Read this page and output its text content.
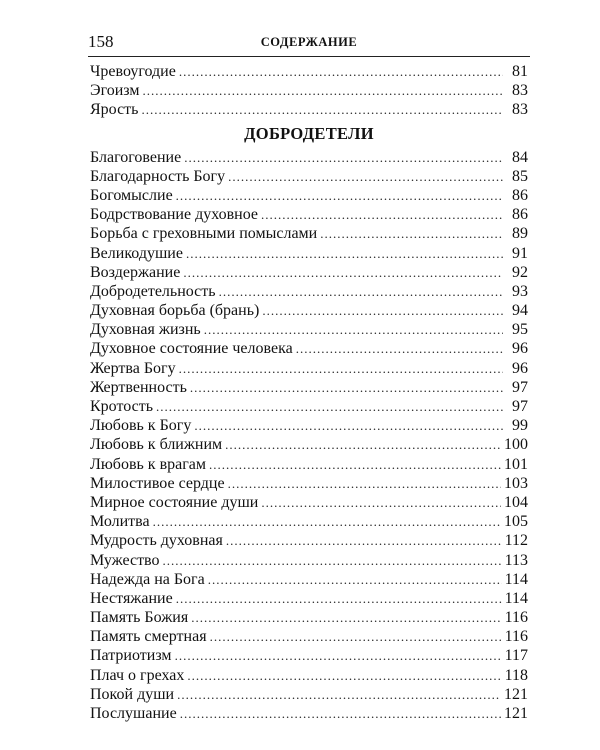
158	СОДЕРЖАНИЕ
Чревоугодие .....	81
Эгоизм .....	83
Ярость .....	83
ДОБРОДЕТЕЛИ
Благоговение .....	84
Благодарность Богу .....	85
Богомыслие .....	86
Бодрствование духовное .....	86
Борьба с греховными помыслами .....	89
Великодушие .....	91
Воздержание .....	92
Добродетельность .....	93
Духовная борьба (брань) .....	94
Духовная жизнь .....	95
Духовное состояние человека .....	96
Жертва Богу .....	96
Жертвенность .....	97
Кротость .....	97
Любовь к Богу .....	99
Любовь к ближним .....	100
Любовь к врагам .....	101
Милостивое сердце .....	103
Мирное состояние души .....	104
Молитва .....	105
Мудрость духовная .....	112
Мужество .....	113
Надежда на Бога .....	114
Нестяжание .....	114
Память Божия .....	116
Память смертная .....	116
Патриотизм .....	117
Плач о грехах .....	118
Покой души .....	121
Послушание .....	121
